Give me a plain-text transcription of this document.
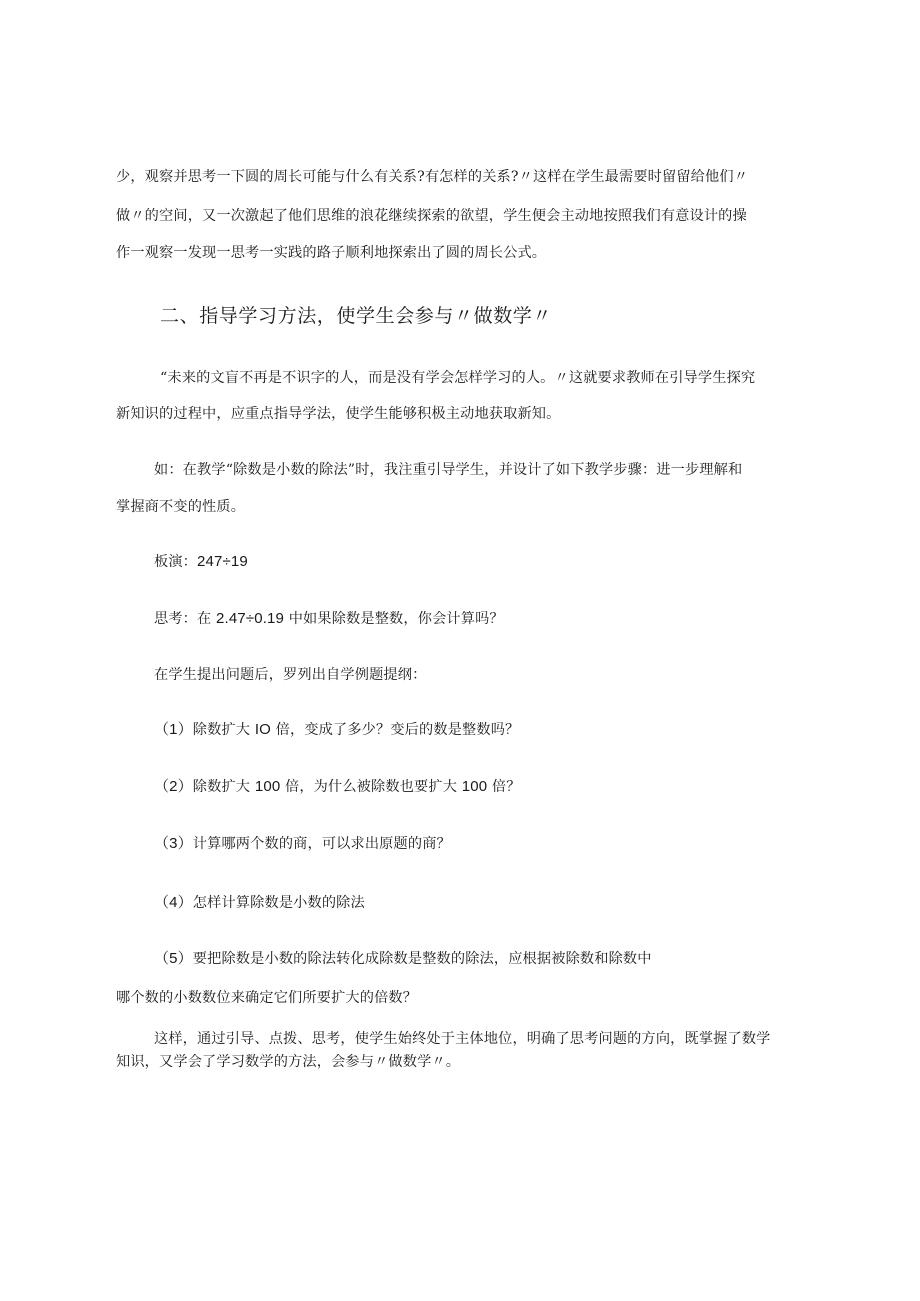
少，观察并思考一下圆的周长可能与什么有关系?有怎样的关系?〃这样在学生最需要时留留给他们〃

做〃的空间，又一次激起了他们思维的浪花继续探索的欲望，学生便会主动地按照我们有意设计的操

作一观察一发现一思考一实践的路子顺利地探索出了圆的周长公式。

二、指导学习方法，使学生会参与〃做数学〃

“未来的文盲不再是不识字的人，而是没有学会怎样学习的人。〃这就要求教师在引导学生探究

新知识的过程中，应重点指导学法，使学生能够积极主动地获取新知。

如：在教学“除数是小数的除法”时，我注重引导学生，并设计了如下教学步骤：进一步理解和

掌握商不变的性质。

板演：247÷19

思考：在 2.47÷0.19 中如果除数是整数，你会计算吗？

在学生提出问题后，罗列出自学例题提纲：

（1）除数扩大 IO 倍，变成了多少？变后的数是整数吗？

（2）除数扩大 100 倍，为什么被除数也要扩大 100 倍？

（3）计算哪两个数的商，可以求出原题的商？

（4）怎样计算除数是小数的除法

（5）要把除数是小数的除法转化成除数是整数的除法，应根据被除数和除数中

哪个数的小数数位来确定它们所要扩大的倍数？

这样，通过引导、点拨、思考，使学生始终处于主体地位，明确了思考问题的方向，既掌握了数学

知识，又学会了学习数学的方法，会参与〃做数学〃。
